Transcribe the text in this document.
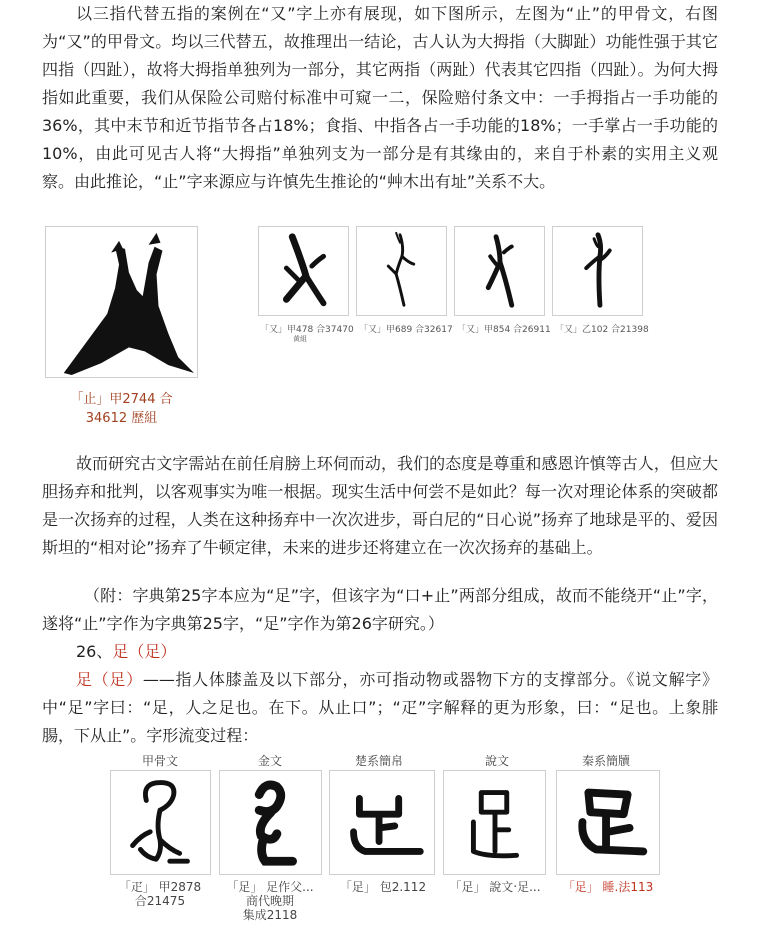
以三指代替五指的案例在“又”字上亦有展现，如下图所示，左图为“止”的甲骨文，右图为“又”的甲骨文。均以三代替五，故推理出一结论，古人认为大拇指（大脚趾）功能性强于其它四指（四趾），故将大拇指单独列为一部分，其它两指（两趾）代表其它四指（四趾）。为何大拇指如此重要，我们从保险公司赔付标准中可窥一二，保险赔付条文中：一手拇指占一手功能的36%，其中末节和近节指节各占18%；食指、中指各占一手功能的18%；一手掌占一手功能的10%，由此可见古人将“大拇指”单独列支为一部分是有其缘由的，来自于朴素的实用主义观察。由此推论，“止”字来源应与许慎先生推论的“艸木出有址”关系不大。

「止」甲2744 合
34612 歷組
「又」甲478 合37470
黄組
「又」甲689 合32617 「又」甲854 合26911 「又」乙102 合21398

故而研究古文字需站在前任肩膀上环伺而动，我们的态度是尊重和感恩许慎等古人，但应大胆扬弃和批判，以客观事实为唯一根据。现实生活中何尝不是如此？每一次对理论体系的突破都是一次扬弃的过程，人类在这种扬弃中一次次进步，哥白尼的“日心说”扬弃了地球是平的、爱因斯坦的“相对论”扬弃了牛顿定律，未来的进步还将建立在一次次扬弃的基础上。

（附：字典第25字本应为“足”字，但该字为“口+止”两部分组成，故而不能绕开“止”字，遂将“止”字作为字典第25字，“足”字作为第26字研究。）

26、足（足）

足（足）——指人体膝盖及以下部分，亦可指动物或器物下方的支撑部分。《说文解字》中“足”字曰：“足，人之足也。在下。从止口”；“疋”字解释的更为形象，曰：“足也。上象腓腸，下从止”。字形流变过程：

甲骨文	金文	楚系簡帛	說文	秦系簡牘
「疋」 甲2878
合21475
「足」 足作父...
商代晚期
集成2118
「足」 包2.112	「足」 說文‧足...	「足」 睡.法113
